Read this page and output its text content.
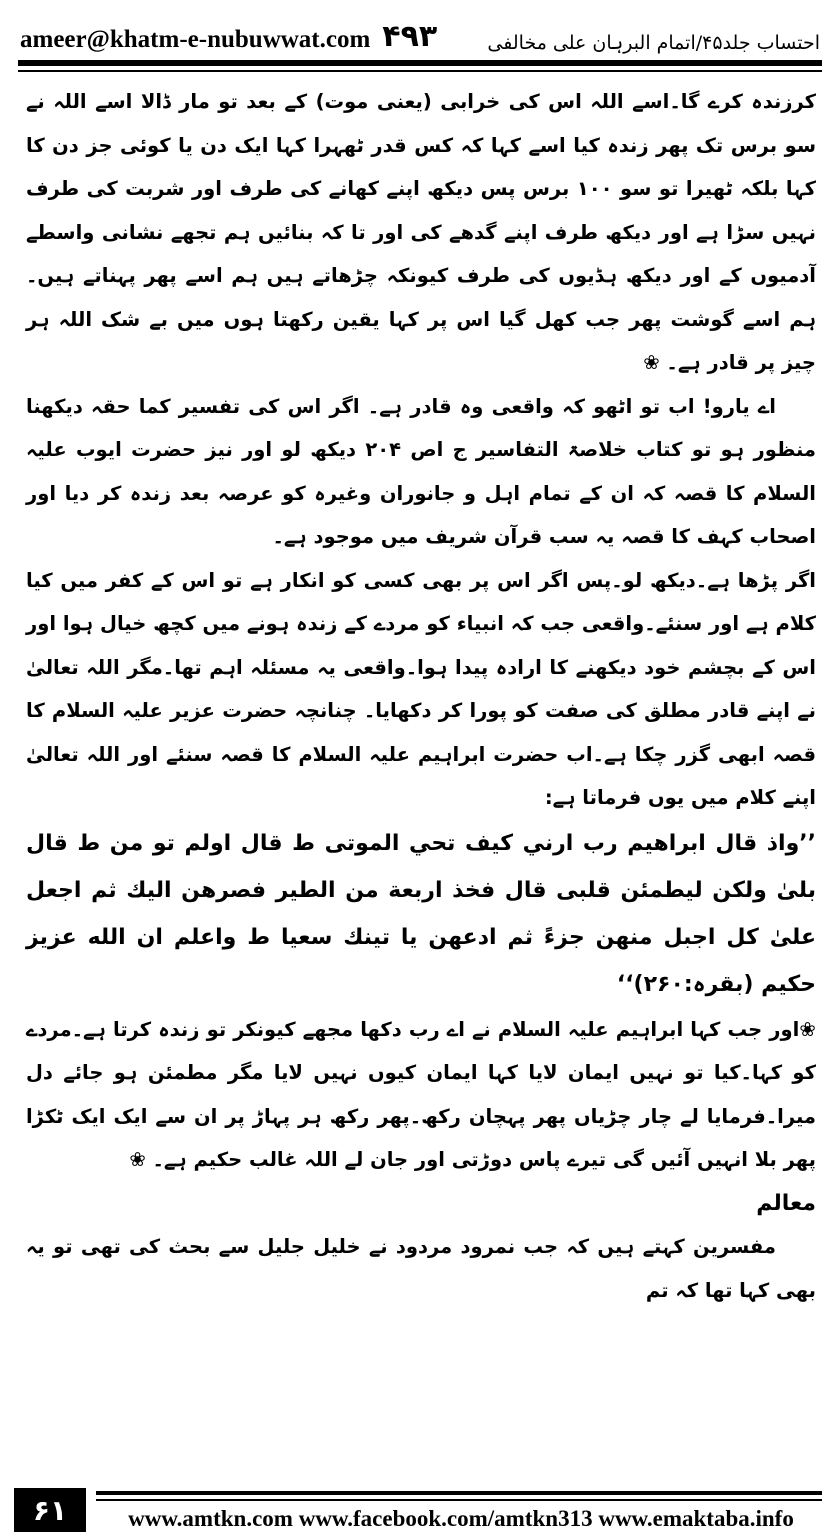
ameer@khatm-e-nubuwwat.com ۴۹۳	احتساب جلد۴۵/اتمام البرہان علی مخالفی

کرزندہ کرے گا۔اسے اللہ اس کی خرابی (یعنی موت) کے بعد تو مار ڈالا اسے اللہ نے سو برس تک پھر زندہ کیا اسے کہا کہ کس قدر ٹھہرا کہا ایک دن یا کوئی جز دن کا کہا بلکہ ٹھیرا تو سو ۱۰۰ برس پس دیکھ اپنے کھانے کی طرف اور شربت کی طرف نہیں سڑا ہے اور دیکھ طرف اپنے گدھے کی اور تا کہ بنائیں ہم تجھے نشانی واسطے آدمیوں کے اور دیکھ ہڈیوں کی طرف کیونکہ چڑھاتے ہیں ہم اسے پھر پہناتے ہیں۔ہم اسے گوشت پھر جب کھل گیا اس پر کہا یقین رکھتا ہوں میں بے شک اللہ ہر چیز پر قادر ہے۔ ❀

اے یارو! اب تو اٹھو کہ واقعی وہ قادر ہے۔ اگر اس کی تفسیر کما حقہ دیکھنا منظور ہو تو کتاب خلاصۃ التفاسیر ج اص ۲۰۴ دیکھ لو اور نیز حضرت ایوب علیہ السلام کا قصہ کہ ان کے تمام اہل و جانوران وغیرہ کو عرصہ بعد زندہ کر دیا اور اصحاب کہف کا قصہ یہ سب قرآن شریف میں موجود ہے۔

اگر پڑھا ہے۔دیکھ لو۔پس اگر اس پر بھی کسی کو انکار ہے تو اس کے کفر میں کیا کلام ہے اور سنئے۔واقعی جب کہ انبیاء کو مردے کے زندہ ہونے میں کچھ خیال ہوا اور اس کے بچشم خود دیکھنے کا ارادہ پیدا ہوا۔واقعی یہ مسئلہ اہم تھا۔مگر اللہ تعالیٰ نے اپنے قادر مطلق کی صفت کو پورا کر دکھایا۔ چنانچہ حضرت عزیر علیہ السلام کا قصہ ابھی گزر چکا ہے۔اب حضرت ابراہیم علیہ السلام کا قصہ سنئے اور اللہ تعالیٰ اپنے کلام میں یوں فرماتا ہے:

’’واذ قال ابراهيم رب ارني كيف تحي الموتى ط قال اولم تو من ط قال بلىٰ ولكن ليطمئن قلبى قال فخذ اربعة من الطير فصرهن اليك ثم اجعل علىٰ كل اجبل منهن جزءً ثم ادعهن يا تينك سعيا ط واعلم ان الله عزيز حكيم (بقرہ:۲۶۰)‘‘

❀اور جب کہا ابراہیم علیہ السلام نے اے رب دکھا مجھے کیونکر تو زندہ کرتا ہے۔مردے کو کہا۔کیا تو نہیں ایمان لایا کہا ایمان کیوں نہیں لایا مگر مطمئن ہو جائے دل میرا۔فرمایا لے چار چڑیاں پھر پہچان رکھ۔پھر رکھ ہر پہاڑ پر ان سے ایک ایک ٹکڑا پھر بلا انہیں آئیں گی تیرے پاس دوڑتی اور جان لے اللہ غالب حکیم ہے۔ ❀

معالم

مفسرین کہتے ہیں کہ جب نمرود مردود نے خلیل جلیل سے بحث کی تھی تو یہ بھی کہا تھا کہ تم

۶۱	www.amtkn.com www.facebook.com/amtkn313 www.emaktaba.info
